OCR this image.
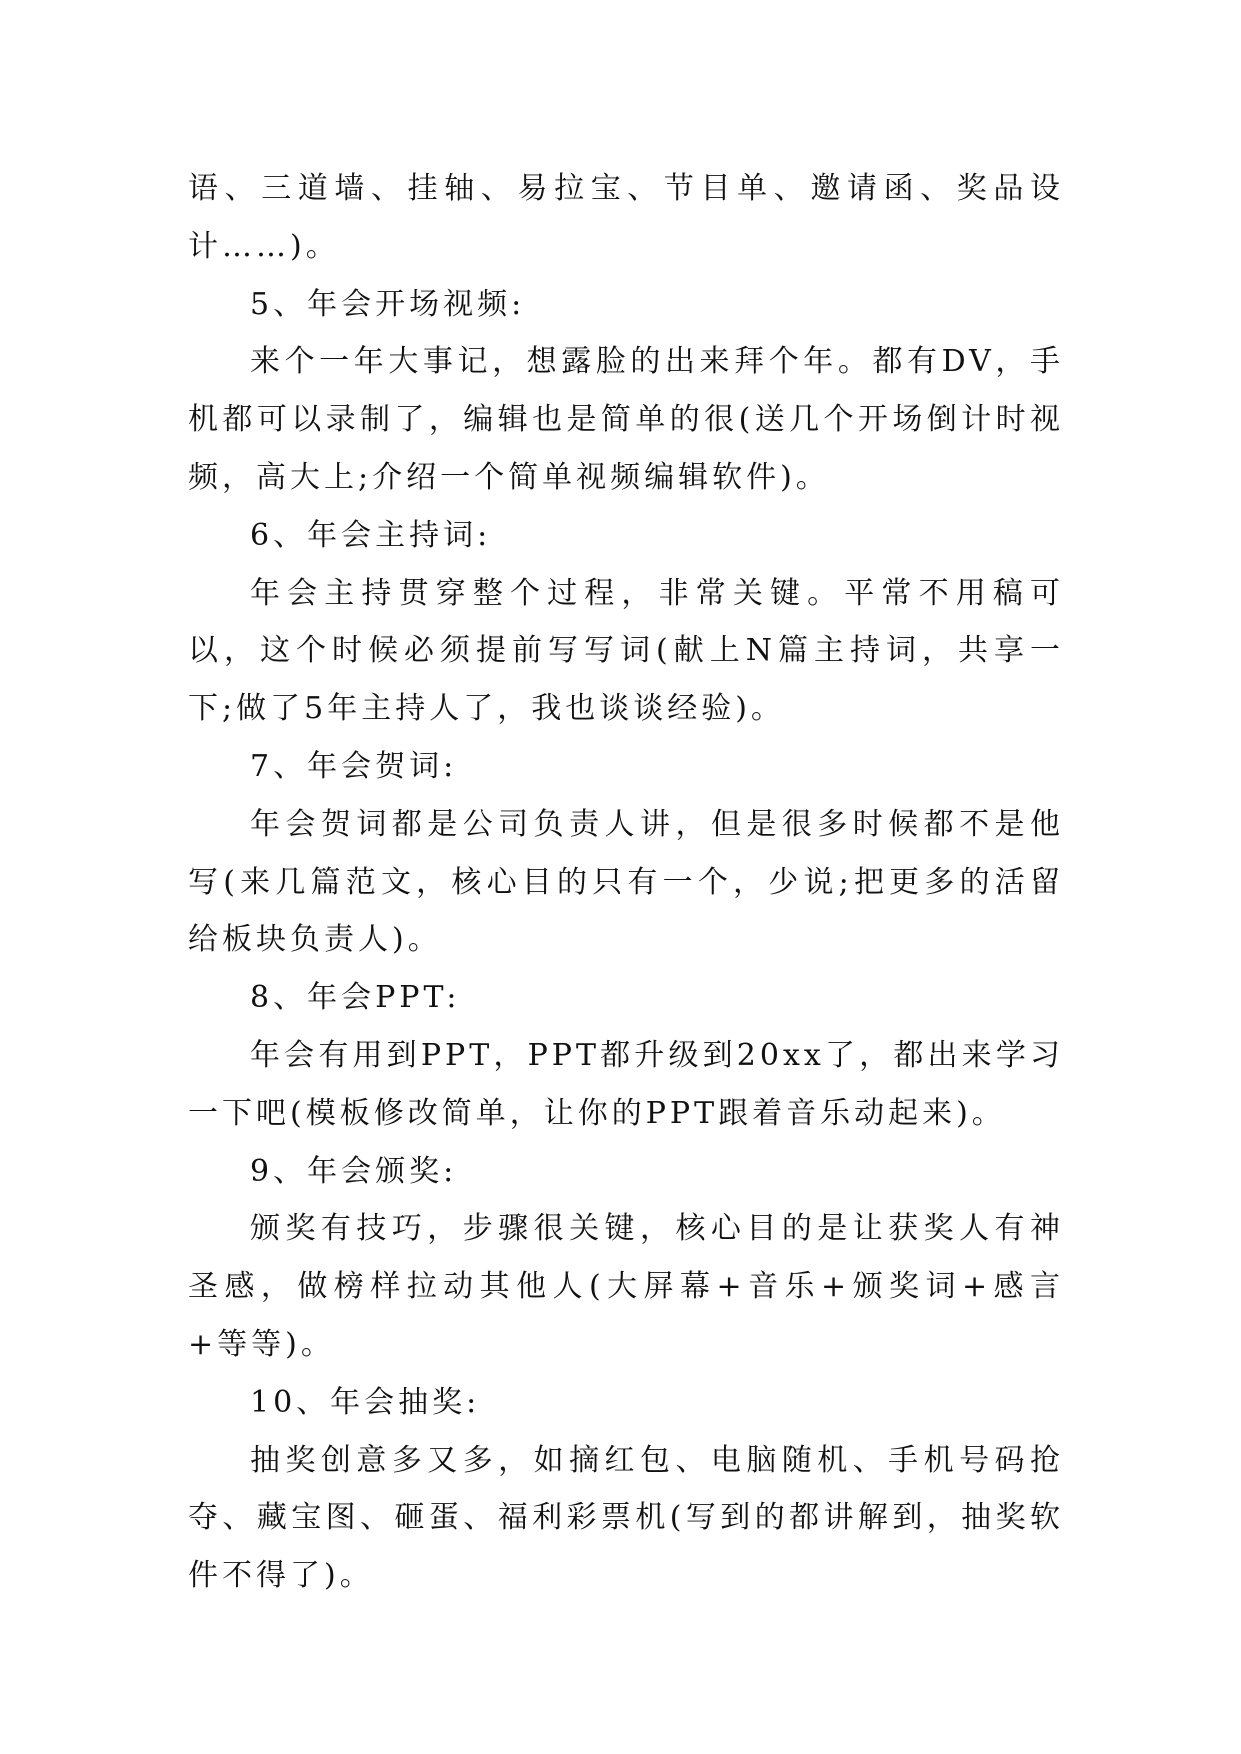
语、三道墙、挂轴、易拉宝、节目单、邀请函、奖品设计……)。

5、年会开场视频:

来个一年大事记，想露脸的出来拜个年。都有DV，手机都可以录制了，编辑也是简单的很(送几个开场倒计时视频，高大上;介绍一个简单视频编辑软件)。

6、年会主持词:

年会主持贯穿整个过程，非常关键。平常不用稿可以，这个时候必须提前写写词(献上N篇主持词，共享一下;做了5年主持人了，我也谈谈经验)。

7、年会贺词:

年会贺词都是公司负责人讲，但是很多时候都不是他写(来几篇范文，核心目的只有一个，少说;把更多的活留给板块负责人)。

8、年会PPT:

年会有用到PPT，PPT都升级到20xx了，都出来学习一下吧(模板修改简单，让你的PPT跟着音乐动起来)。

9、年会颁奖:

颁奖有技巧，步骤很关键，核心目的是让获奖人有神圣感，做榜样拉动其他人(大屏幕+音乐+颁奖词+感言+等等)。

10、年会抽奖:

抽奖创意多又多，如摘红包、电脑随机、手机号码抢夺、藏宝图、砸蛋、福利彩票机(写到的都讲解到，抽奖软件不得了)。
